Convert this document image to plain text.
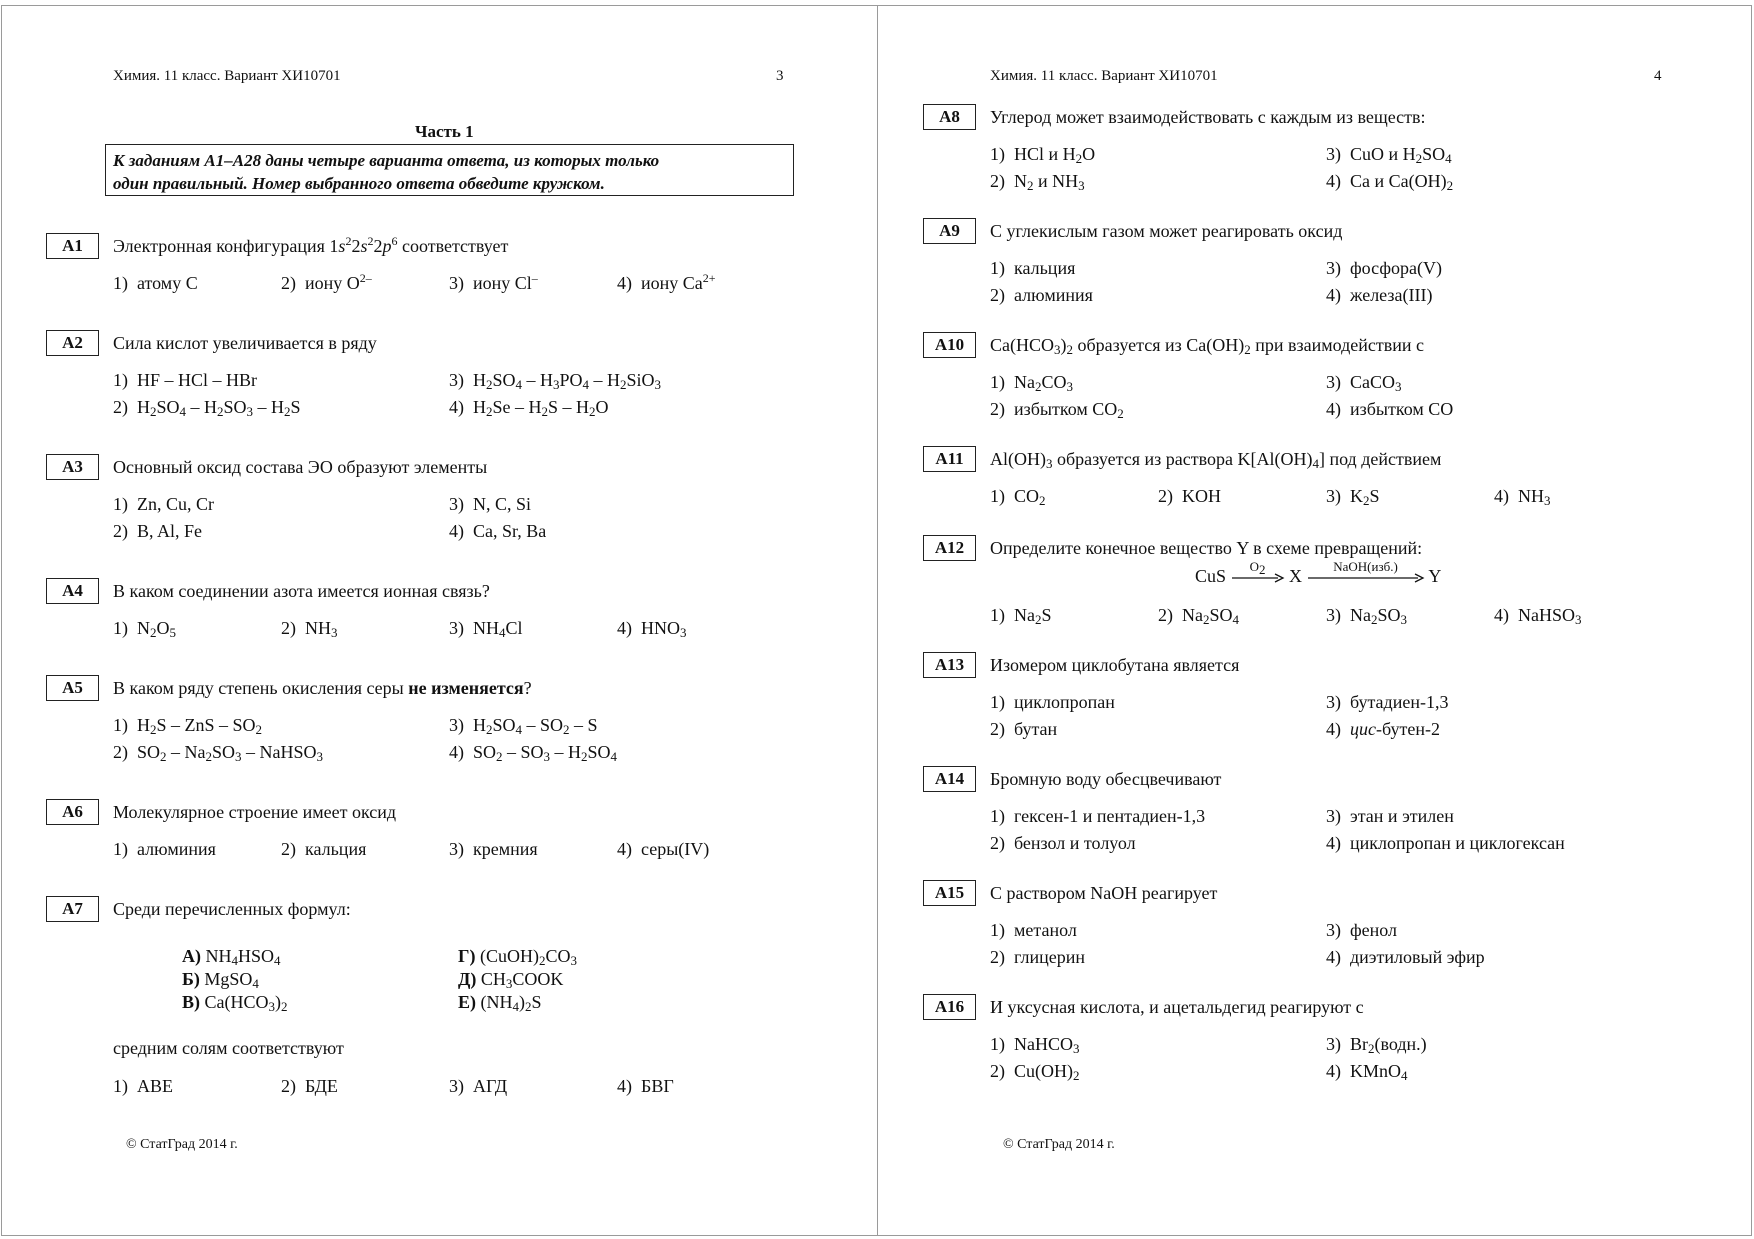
Химия. 11 класс. Вариант ХИ10701	3
Часть 1
К заданиям А1–А28 даны четыре варианта ответа, из которых только
один правильный. Номер выбранного ответа обведите кружком.
А1	Электронная конфигурация $1s^22s^22p^6$ соответствует
1) атому С	2) иону $O^{2-}$	3) иону Cl–	4) иону $Ca^{2+}$
А2	Сила кислот увеличивается в ряду
1) HF – HCl – HBr
2)  $H_2SO_4 - H_2SO_3 - H_2S$
3)  $H_2SO_4 - H_3PO_4 - H_2SiO_3$
4)  $H_2Se - H_2S - H_2O$
А3	Основный оксид состава ЭО образуют элементы
1) Zn, Cu, Cr
2) B, Al, Fe
3) N, C, Si
4) Ca, Sr, Ba
А4	В каком соединении азота имеется ионная связь?
1)  $N_2O_5$	2)  $NH_3$	3)  $NH_4Cl$	4)  $HNO_3$
А5	В каком ряду степень окисления серы не изменяется?
1)  $H_2S$ – ZnS – $SO_2$
2)  $SO_2 - Na_2SO_3$ – NaHSO$_3$
3)  $H_2SO_4 - SO_2$ – S
4)  $SO_2 - SO_3 - H_2SO_4$
А6	Молекулярное строение имеет оксид
1) алюминия	2) кальция	3) кремния	4) серы(IV)
А7	Среди перечисленных формул:
А) $NH_4HSO_4$
Б) MgSO$_4$
В) $Ca(HCO_3)_2$
Г) $(CuOH)_2CO_3$
Д) $CH_3COOK$
Е) $(NH_4)_2S$
средним солям соответствуют
1) АВЕ	2) БДЕ	3) АГД	4) БВГ
© СтатГрад 2014 г.
Химия. 11 класс. Вариант ХИ10701	4
А8	Углерод может взаимодействовать с каждым из веществ:
1)  HCl и $H_2O$
2)  $N_2$ и $NH_3$
3)  CuO и $H_2SO_4$
4)  Ca и $Ca(OH)_2$
А9	С углекислым газом может реагировать оксид
1) кальция
2) алюминия
3) фосфора(V)
4) железа(III)
А10	$Ca(HCO_3)_2$ образуется из $Ca(OH)_2$ при взаимодействии с
1)  $Na_2CO_3$
2) избытком $CO_2$
3)  CaCO$_3$
4) избытком CO
А11	$Al(OH)_3$ образуется из раствора $K[Al(OH)_4]$ под действием
1)  $CO_2$	2) KOH	3)  $K_2S$	4)  $NH_3$
А12	Определите конечное вещество Y в схеме превращений:
1)  $Na_2S$	2)  $Na_2SO_4$	3)  $Na_2SO_3$	4)  NaHSO$_3$
CuS	O2	X	NaOH(изб.)	Y
А13	Изомером циклобутана является
1) циклопропан
2) бутан
3) бутадиен-1,3
4) цис-бутен-2
А14	Бромную воду обесцвечивают
1) гексен-1 и пентадиен-1,3
2) бензол и толуол
3) этан и этилен
4) циклопропан и циклогексан
А15	С раствором NaOH реагирует
1) метанол
2) глицерин
3) фенол
4) диэтиловый эфир
А16	И уксусная кислота, и ацетальдегид реагируют с
1)  NaHCO$_3$
2)  $Cu(OH)_2$
3)  $Br_2(водн.)$
4)  KMnO$_4$
© СтатГрад 2014 г.
